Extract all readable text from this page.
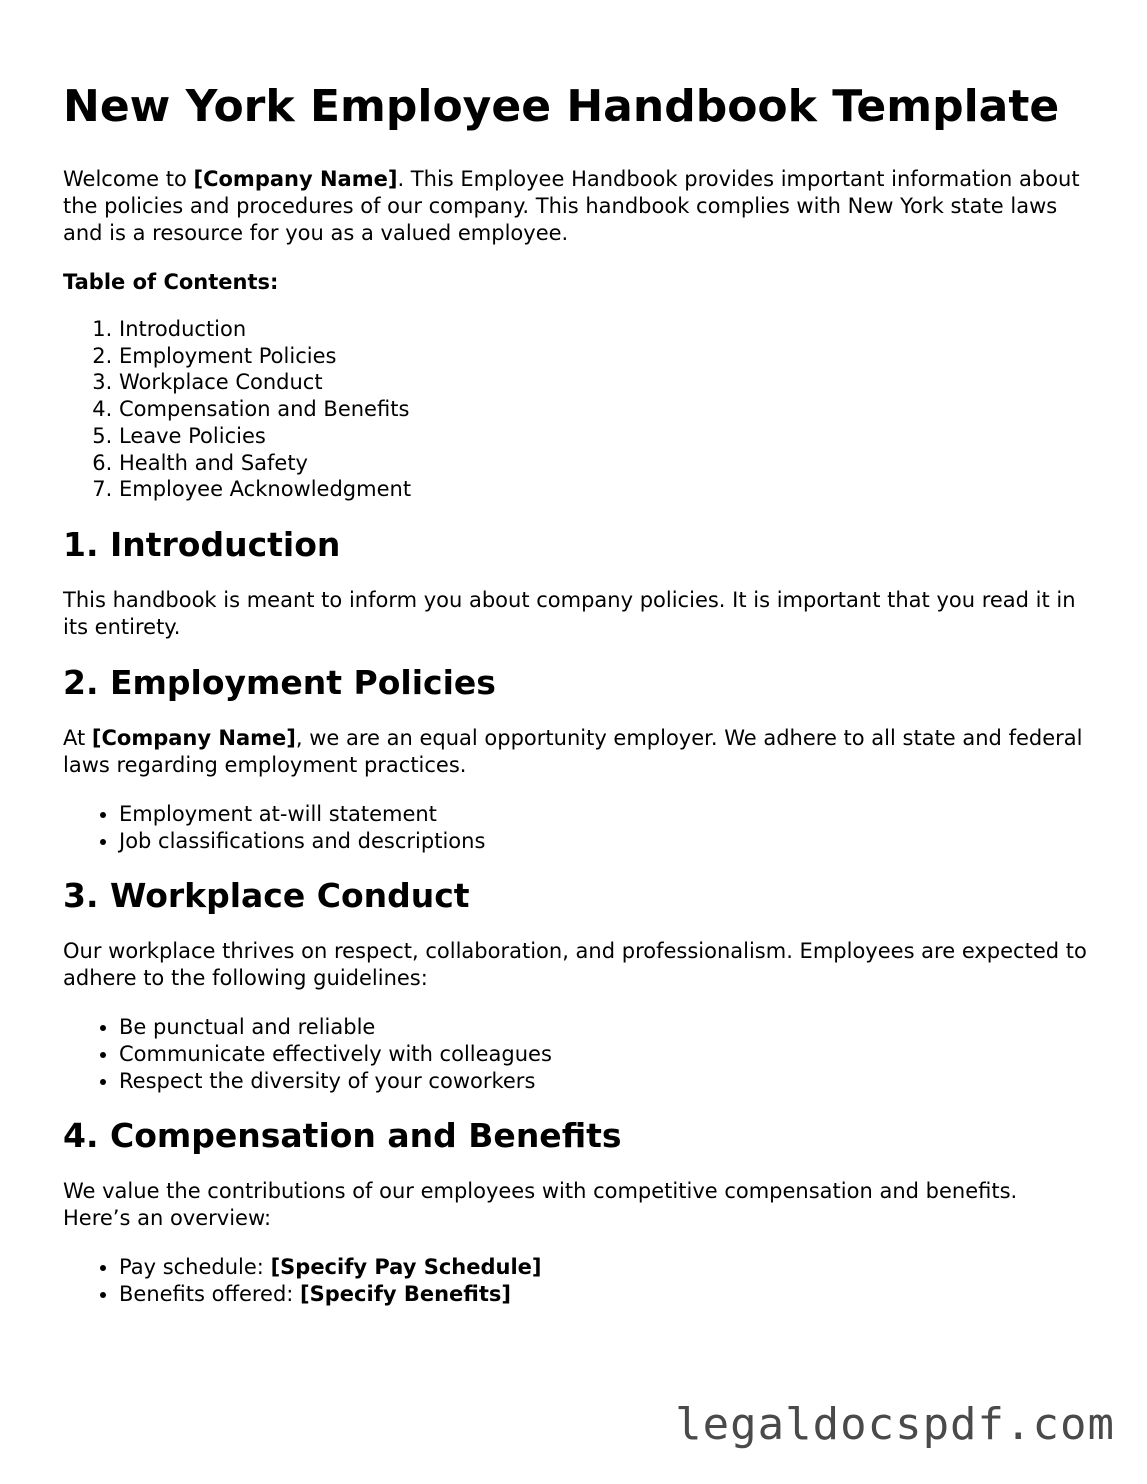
New York Employee Handbook Template

Welcome to [Company Name]. This Employee Handbook provides important information about the policies and procedures of our company. This handbook complies with New York state laws and is a resource for you as a valued employee.

Table of Contents:

1. Introduction
2. Employment Policies
3. Workplace Conduct
4. Compensation and Benefits
5. Leave Policies
6. Health and Safety
7. Employee Acknowledgment
1. Introduction

This handbook is meant to inform you about company policies. It is important that you read it in its entirety.

2. Employment Policies

At [Company Name], we are an equal opportunity employer. We adhere to all state and federal laws regarding employment practices.

• Employment at-will statement
• Job classifications and descriptions
3. Workplace Conduct

Our workplace thrives on respect, collaboration, and professionalism. Employees are expected to adhere to the following guidelines:

• Be punctual and reliable
• Communicate effectively with colleagues
• Respect the diversity of your coworkers
4. Compensation and Benefits

We value the contributions of our employees with competitive compensation and benefits. Here’s an overview:

• Pay schedule: [Specify Pay Schedule]
• Benefits offered: [Specify Benefits]
legaldocspdf.com
